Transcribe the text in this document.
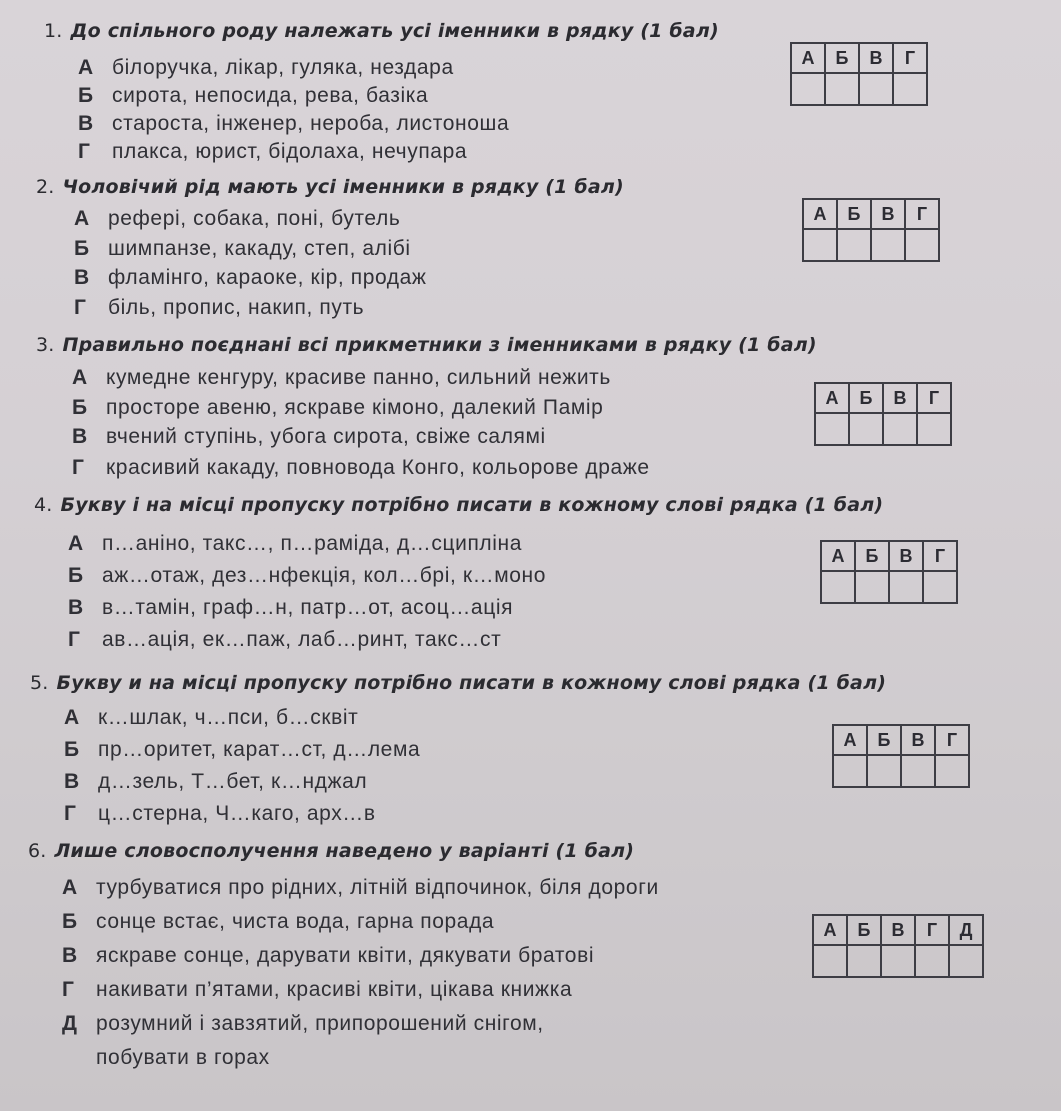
1. До спільного роду належать усі іменники в рядку (1 бал)
А білоручка, лікар, гуляка, нездара
Б сирота, непосида, рева, базіка
В староста, інженер, нероба, листоноша
Г плакса, юрист, бідолаха, нечупара
А	Б	В	Г

2. Чоловічий рід мають усі іменники в рядку (1 бал)
А рефері, собака, поні, бутель
Б шимпанзе, какаду, степ, алібі
В фламінго, караоке, кір, продаж
Г біль, пропис, накип, путь
А	Б	В	Г

3. Правильно поєднані всі прикметники з іменниками в рядку (1 бал)
А кумедне кенгуру, красиве панно, сильний нежить
Б просторе авеню, яскраве кімоно, далекий Памір
В вчений ступінь, убога сирота, свіже салямі
Г красивий какаду, повновода Конго, кольорове драже
А	Б	В	Г

4. Букву і на місці пропуску потрібно писати в кожному слові рядка (1 бал)
А п…аніно, такс…, п…раміда, д…сципліна
Б аж…отаж, дез…нфекція, кол…брі, к…моно
В в…тамін, граф…н, патр…от, асоц…ація
Г ав…ація, ек…паж, лаб…ринт, такс…ст
А	Б	В	Г

5. Букву и на місці пропуску потрібно писати в кожному слові рядка (1 бал)
А к…шлак, ч…пси, б…сквіт
Б пр…оритет, карат…ст, д…лема
В д…зель, Т…бет, к…нджал
Г ц…стерна, Ч…каго, арх…в
А	Б	В	Г

6. Лише словосполучення наведено у варіанті (1 бал)
А турбуватися про рідних, літній відпочинок, біля дороги
Б сонце встає, чиста вода, гарна порада
В яскраве сонце, дарувати квіти, дякувати братові
Г накивати п’ятами, красиві квіти, цікава книжка
Д розумний і завзятий, припорошений снігом,
побувати в горах
А	Б	В	Г	Д
